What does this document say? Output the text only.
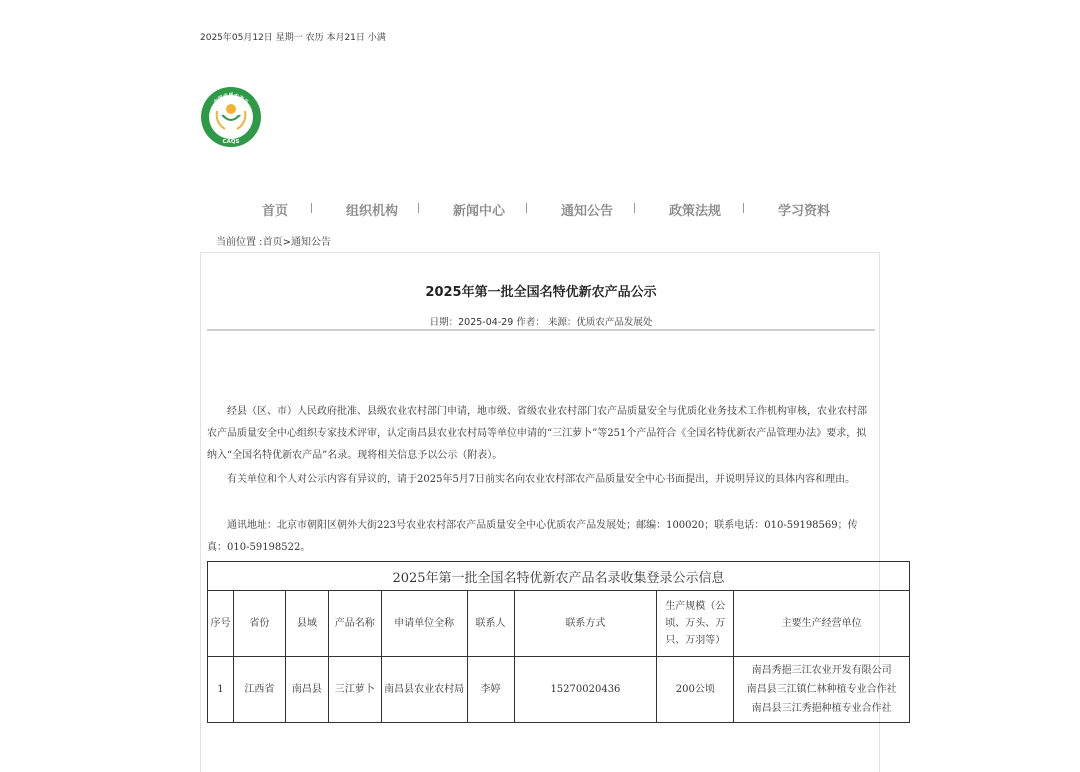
2025年05月12日 星期一 农历 本月21日 小满
中国优质农产品
CAQS
首页	组织机构	新闻中心	通知公告	政策法规	学习资料
当前位置 :首页>通知公告
2025年第一批全国名特优新农产品公示
日期：2025-04-29 作者： 来源：优质农产品发展处
经县（区、市）人民政府批准、县级农业农村部门申请，地市级、省级农业农村部门农产品质量安全与优质化业务技术工作机构审核，农业农村部农产品质量安全中心组织专家技术评审，认定南昌县农业农村局等单位申请的“三江萝卜”等251个产品符合《全国名特优新农产品管理办法》要求，拟纳入“全国名特优新农产品”名录。现将相关信息予以公示（附表）。
有关单位和个人对公示内容有异议的，请于2025年5月7日前实名向农业农村部农产品质量安全中心书面提出，并说明异议的具体内容和理由。
通讯地址：北京市朝阳区朝外大街223号农业农村部农产品质量安全中心优质农产品发展处；邮编：100020；联系电话：010-59198569；传真：010-59198522。
2025年第一批全国名特优新农产品名录收集登录公示信息								
序号	省份	县域	产品名称	申请单位全称	联系人	联系方式	生产规模（公顷、万头、万只、万羽等）	主要生产经营单位
1	江西省	南昌县	三江萝卜	南昌县农业农村局	李婷	15270020436	200公顷	南昌秀挹三江农业开发有限公司
南昌县三江镇仁林种植专业合作社
南昌县三江秀挹种植专业合作社
